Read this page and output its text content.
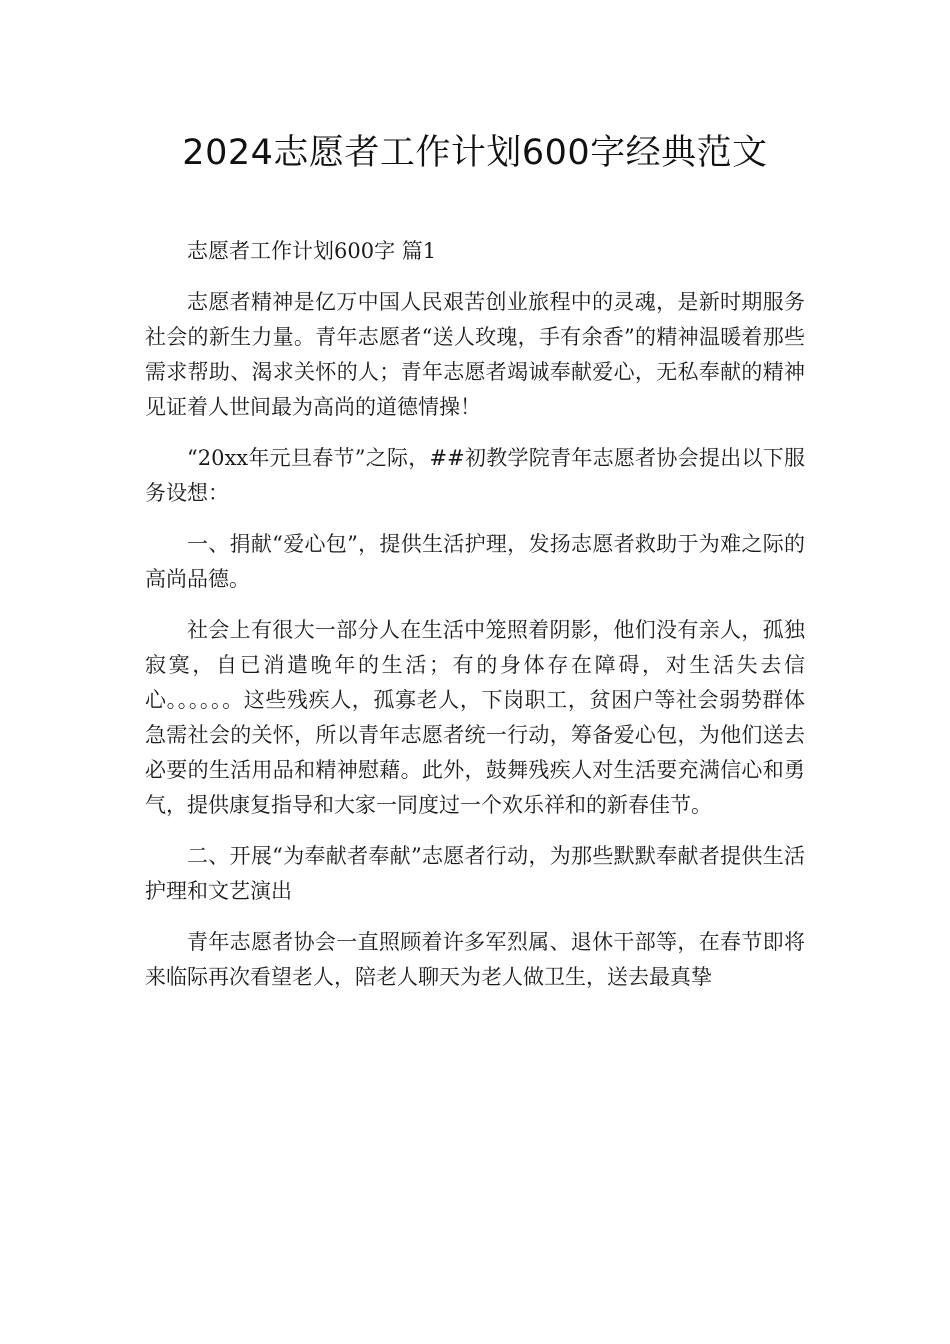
2024志愿者工作计划600字经典范文

志愿者工作计划600字 篇1

志愿者精神是亿万中国人民艰苦创业旅程中的灵魂，是新时期服务社会的新生力量。青年志愿者“送人玫瑰，手有余香”的精神温暖着那些需求帮助、渴求关怀的人；青年志愿者竭诚奉献爱心，无私奉献的精神见证着人世间最为高尚的道德情操！

“20xx年元旦春节”之际，##初教学院青年志愿者协会提出以下服务设想：

一、捐献“爱心包”，提供生活护理，发扬志愿者救助于为难之际的高尚品德。

社会上有很大一部分人在生活中笼照着阴影，他们没有亲人，孤独寂寞，自已消遣晚年的生活；有的身体存在障碍，对生活失去信心。。。。。。这些残疾人，孤寡老人，下岗职工，贫困户等社会弱势群体急需社会的关怀，所以青年志愿者统一行动，筹备爱心包，为他们送去必要的生活用品和精神慰藉。此外，鼓舞残疾人对生活要充满信心和勇气，提供康复指导和大家一同度过一个欢乐祥和的新春佳节。

二、开展“为奉献者奉献”志愿者行动，为那些默默奉献者提供生活护理和文艺演出

青年志愿者协会一直照顾着许多军烈属、退休干部等，在春节即将来临际再次看望老人，陪老人聊天为老人做卫生，送去最真挚
